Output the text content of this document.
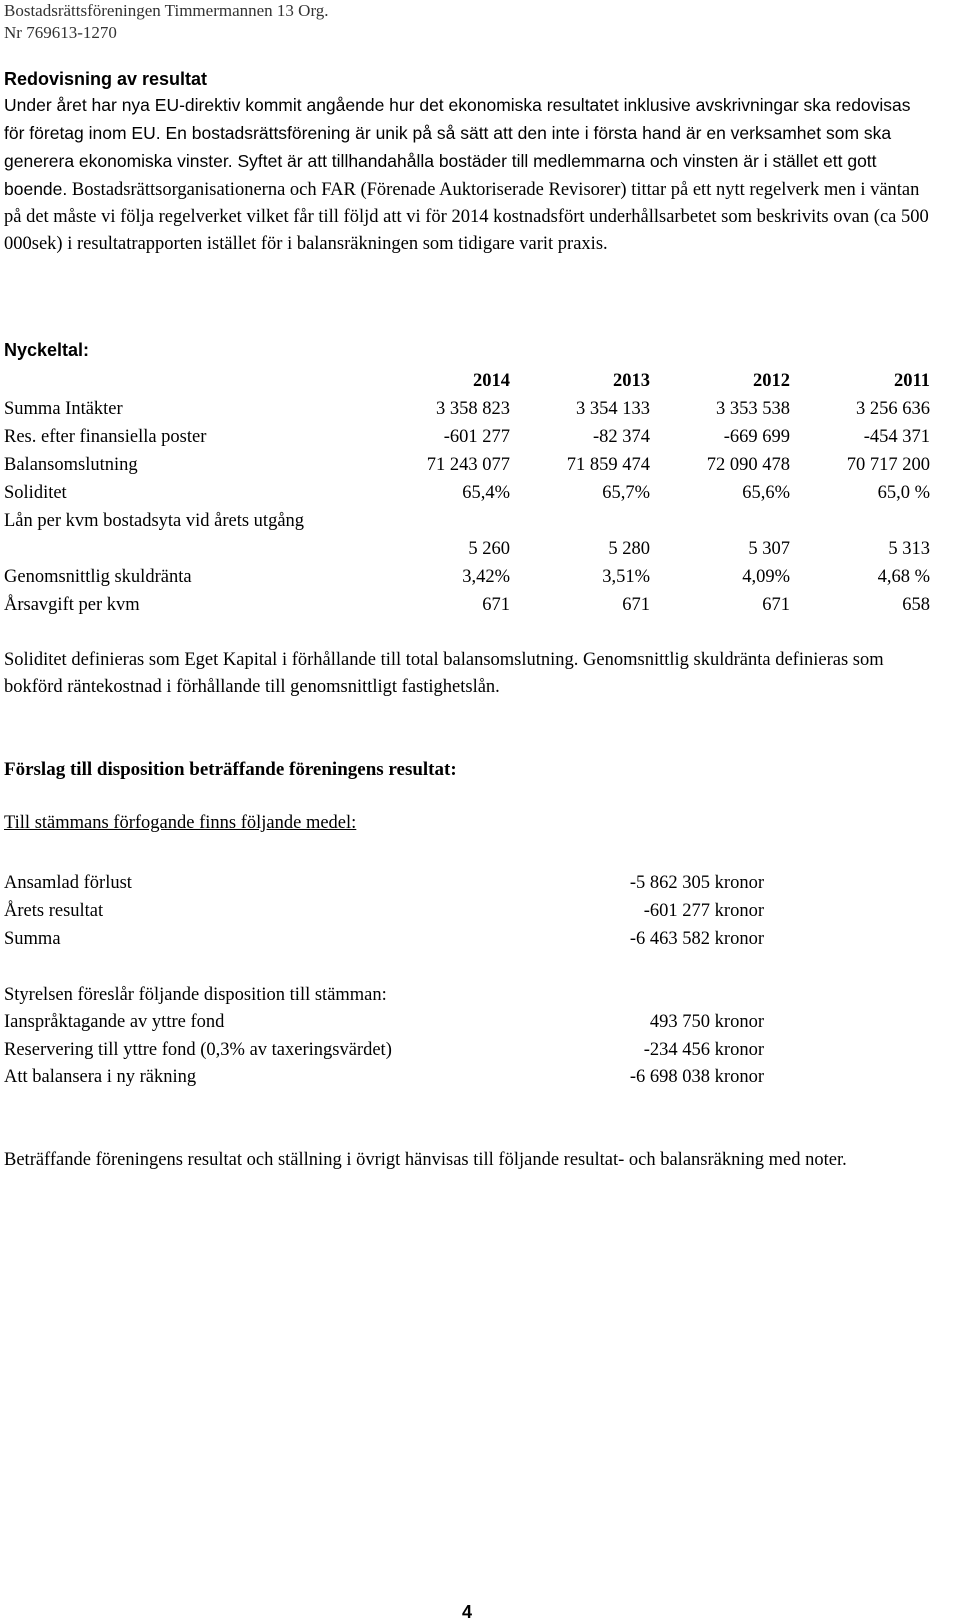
Bostadsrättsföreningen Timmermannen 13 Org.
Nr 769613-1270
Redovisning av resultat
Under året har nya EU-direktiv kommit angående hur det ekonomiska resultatet inklusive avskrivningar ska redovisas för företag inom EU. En bostadsrättsförening är unik på så sätt att den inte i första hand är en verksamhet som ska generera ekonomiska vinster. Syftet är att tillhandahålla bostäder till medlemmarna och vinsten är i stället ett gott boende. Bostadsrättsorganisationerna och FAR (Förenade Auktoriserade Revisorer) tittar på ett nytt regelverk men i väntan på det måste vi följa regelverket vilket får till följd att vi för 2014 kostnadsfört underhållsarbetet som beskrivits ovan (ca 500 000sek) i resultatrapporten istället för i balansräkningen som tidigare varit praxis.
Nyckeltal:
	2014	2013	2012	2011
Summa Intäkter	3 358 823	3 354 133	3 353 538	3 256 636
Res. efter finansiella poster	-601 277	-82 374	-669 699	-454 371
Balansomslutning	71 243 077	71 859 474	72 090 478	70 717 200
Soliditet	65,4%	65,7%	65,6%	65,0 %
Lån per kvm bostadsyta vid årets utgång				
	5 260	5 280	5 307	5 313
Genomsnittlig skuldränta	3,42%	3,51%	4,09%	4,68 %
Årsavgift per kvm	671	671	671	658
Soliditet definieras som Eget Kapital i förhållande till total balansomslutning. Genomsnittlig skuldränta definieras som bokförd räntekostnad i förhållande till genomsnittligt fastighetslån.
Förslag till disposition beträffande föreningens resultat:
Till stämmans förfogande finns följande medel:
Ansamlad förlust	-5 862 305 kronor
Årets resultat	-601 277 kronor
Summa	-6 463 582 kronor
Styrelsen föreslår följande disposition till stämman:
Ianspråktagande av yttre fond	493 750 kronor
Reservering till yttre fond (0,3% av taxeringsvärdet)	-234 456 kronor
Att balansera i ny räkning	-6 698 038 kronor
Beträffande föreningens resultat och ställning i övrigt hänvisas till följande resultat- och balansräkning med noter.
4
